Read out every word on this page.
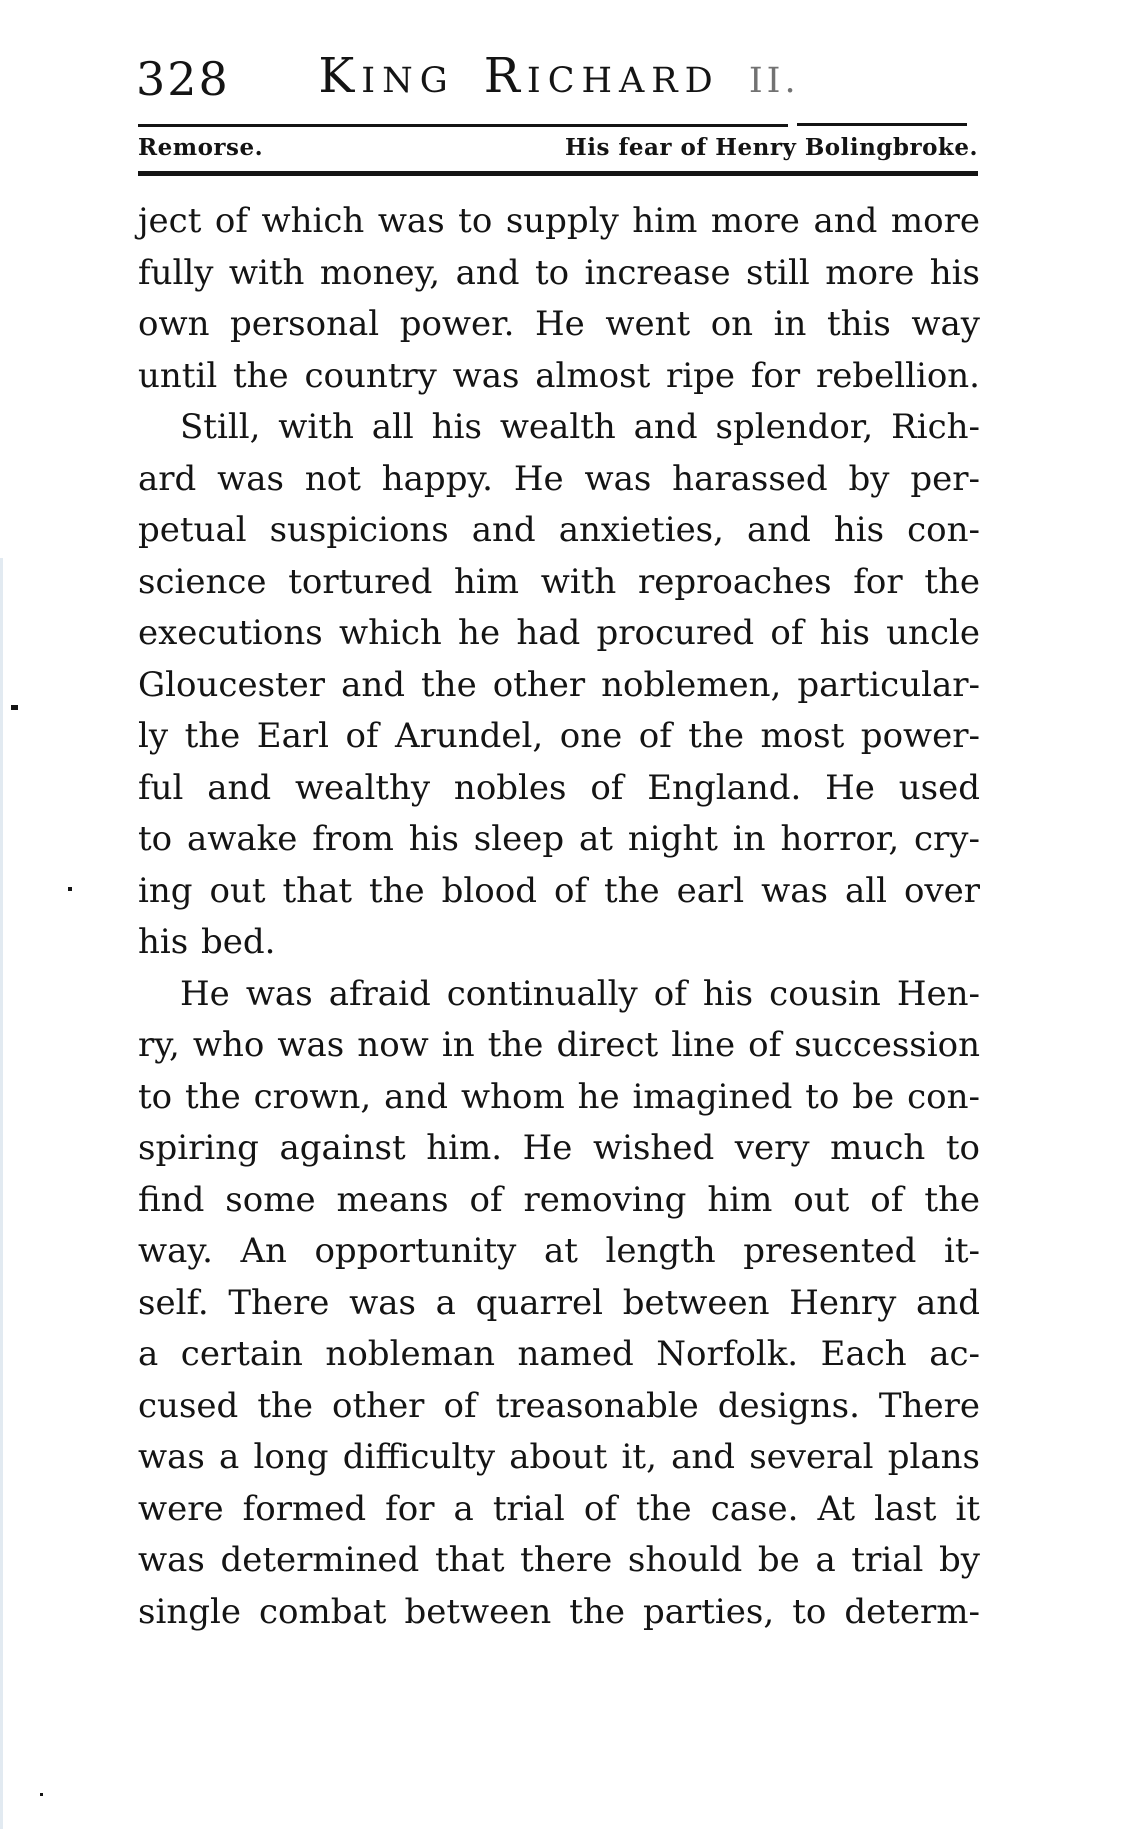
328	KING RICHARD II.
Remorse.	His fear of Henry Bolingbroke.
ject of which was to supply him more and more
fully with money, and to increase still more his
own personal power. He went on in this way
until the country was almost ripe for rebellion.
Still, with all his wealth and splendor, Rich-
ard was not happy. He was harassed by per-
petual suspicions and anxieties, and his con-
science tortured him with reproaches for the
executions which he had procured of his uncle
Gloucester and the other noblemen, particular-
ly the Earl of Arundel, one of the most power-
ful and wealthy nobles of England. He used
to awake from his sleep at night in horror, cry-
ing out that the blood of the earl was all over
his bed.
He was afraid continually of his cousin Hen-
ry, who was now in the direct line of succession
to the crown, and whom he imagined to be con-
spiring against him. He wished very much to
find some means of removing him out of the
way. An opportunity at length presented it-
self. There was a quarrel between Henry and
a certain nobleman named Norfolk. Each ac-
cused the other of treasonable designs. There
was a long difficulty about it, and several plans
were formed for a trial of the case. At last it
was determined that there should be a trial by
single combat between the parties, to determ-
